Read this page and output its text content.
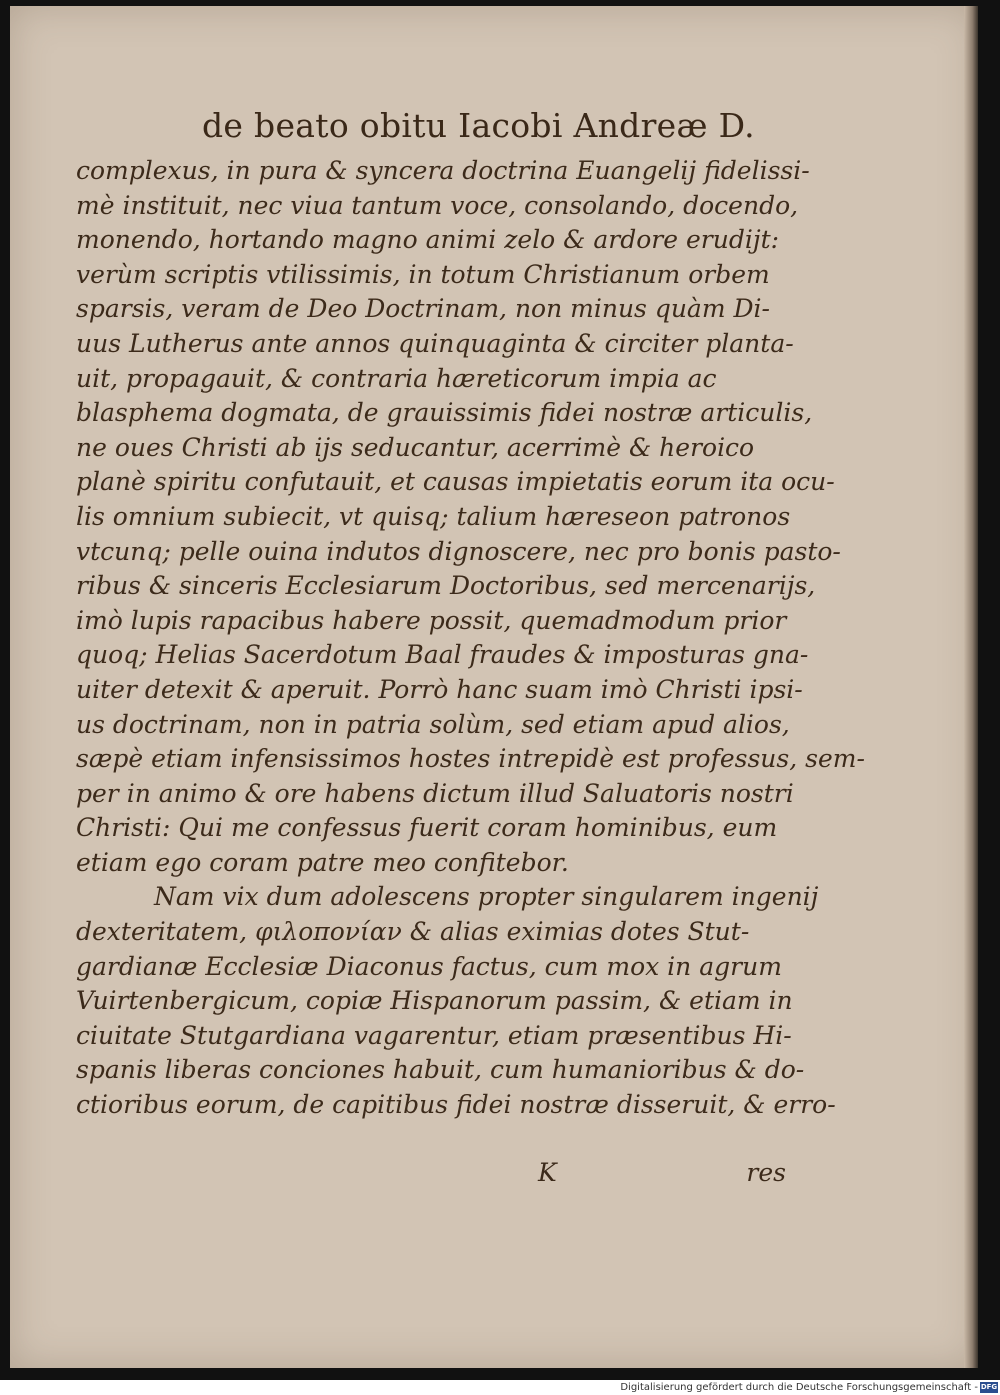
de beato obitu Iacobi Andreæ D.
complexus, in pura & syncera doctrina Euangelij fidelissi-
mè instituit, nec viua tantum voce, consolando, docendo,
monendo, hortando magno animi zelo & ardore erudijt:
verùm scriptis vtilissimis, in totum Christianum orbem
sparsis, veram de Deo Doctrinam, non minus quàm Di-
uus Lutherus ante annos quinquaginta & circiter planta-
uit, propagauit, & contraria hæreticorum impia ac
blasphema dogmata, de grauissimis fidei nostræ articulis,
ne oues Christi ab ijs seducantur, acerrimè & heroico
planè spiritu confutauit, et causas impietatis eorum ita ocu-
lis omnium subiecit, vt quisq; talium hæreseon patronos
vtcunq; pelle ouina indutos dignoscere, nec pro bonis pasto-
ribus & sinceris Ecclesiarum Doctoribus, sed mercenarijs,
imò lupis rapacibus habere possit, quemadmodum prior
quoq; Helias Sacerdotum Baal fraudes & imposturas gna-
uiter detexit & aperuit. Porrò hanc suam imò Christi ipsi-
us doctrinam, non in patria solùm, sed etiam apud alios,
sæpè etiam infensissimos hostes intrepidè est professus, sem-
per in animo & ore habens dictum illud Saluatoris nostri
Christi: Qui me confessus fuerit coram hominibus, eum
etiam ego coram patre meo confitebor.
Nam vix dum adolescens propter singularem ingenij
dexteritatem, φιλοπονίαν & alias eximias dotes Stut-
gardianæ Ecclesiæ Diaconus factus, cum mox in agrum
Vuirtenbergicum, copiæ Hispanorum passim, & etiam in
ciuitate Stutgardiana vagarentur, etiam præsentibus Hi-
spanis liberas conciones habuit, cum humanioribus & do-
ctioribus eorum, de capitibus fidei nostræ disseruit, & erro-
K	res
Digitalisierung gefördert durch die Deutsche Forschungsgemeinschaft - DFG
